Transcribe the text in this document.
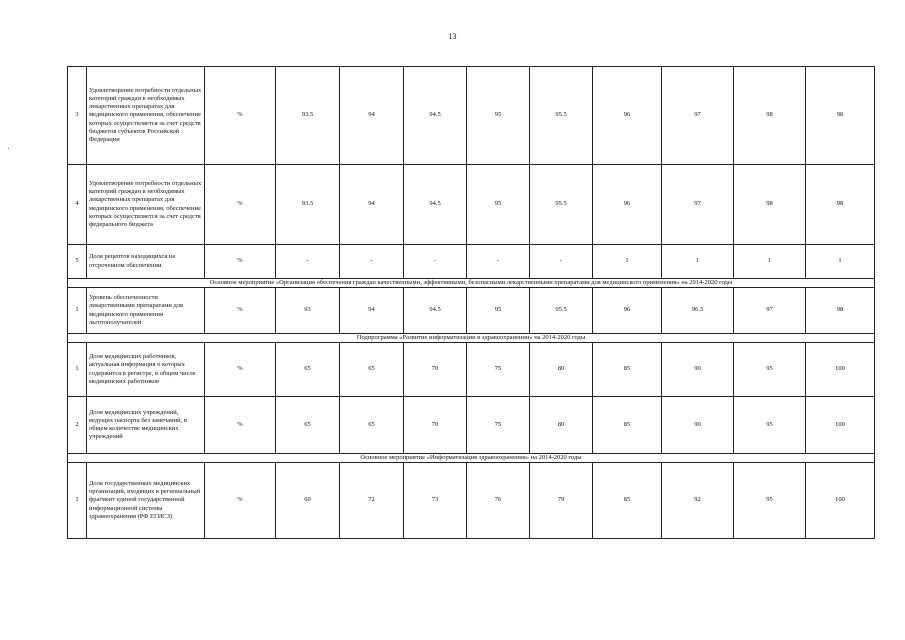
13
3	Удовлетворение потребности отдельных категорий граждан в необходимых лекарственных препаратах для медицинского применения, обеспечение которых осуществляется за счет средств бюджетов субъектов Российской Федерации	%	93.5	94	94.5	95	95.5	96	97	98	98
4	Удовлетворение потребности отдельных категорий граждан в необходимых лекарственных препаратах для медицинского применения, обеспечение которых осуществляется за счет средств федерального бюджета	%	93.5	94	94.5	95	95.5	96	97	98	98
5	Доля рецептов находящихся на отсроченном обеспечении	%	-	-	-	-	-	1	1	1	1
Основное мероприятие «Организация обеспечения граждан качественными, эффективными, безопасными лекарственными препаратами для медицинского применения» на 2014-2020 годы											
1	Уровень обеспеченности лекарственными препаратами для медицинского применения льготополучателей	%	93	94	94.5	95	95.5	96	96.5	97	98
Подпрограмма «Развитие информатизации в здравоохранении» на 2014-2020 годы											
1	Доля медицинских работников, актуальная информация о которых содержится в регистре, в общем числе медицинских работников	%	65	65	70	75	80	85	90	95	100
2	Доля медицинских учреждений, ведущих паспорта без замечаний, в общем количестве медицинских учреждений	%	65	65	70	75	80	85	90	95	100
Основное мероприятие «Информатизация здравоохранения» на 2014-2020 годы											
1	Доля государственных медицинских организаций, входящих в региональный фрагмент единой государственной информационной системы здравоохранения (РФ ЕГИСЗ)	%	60	72	73	76	79	85	92	95	100
